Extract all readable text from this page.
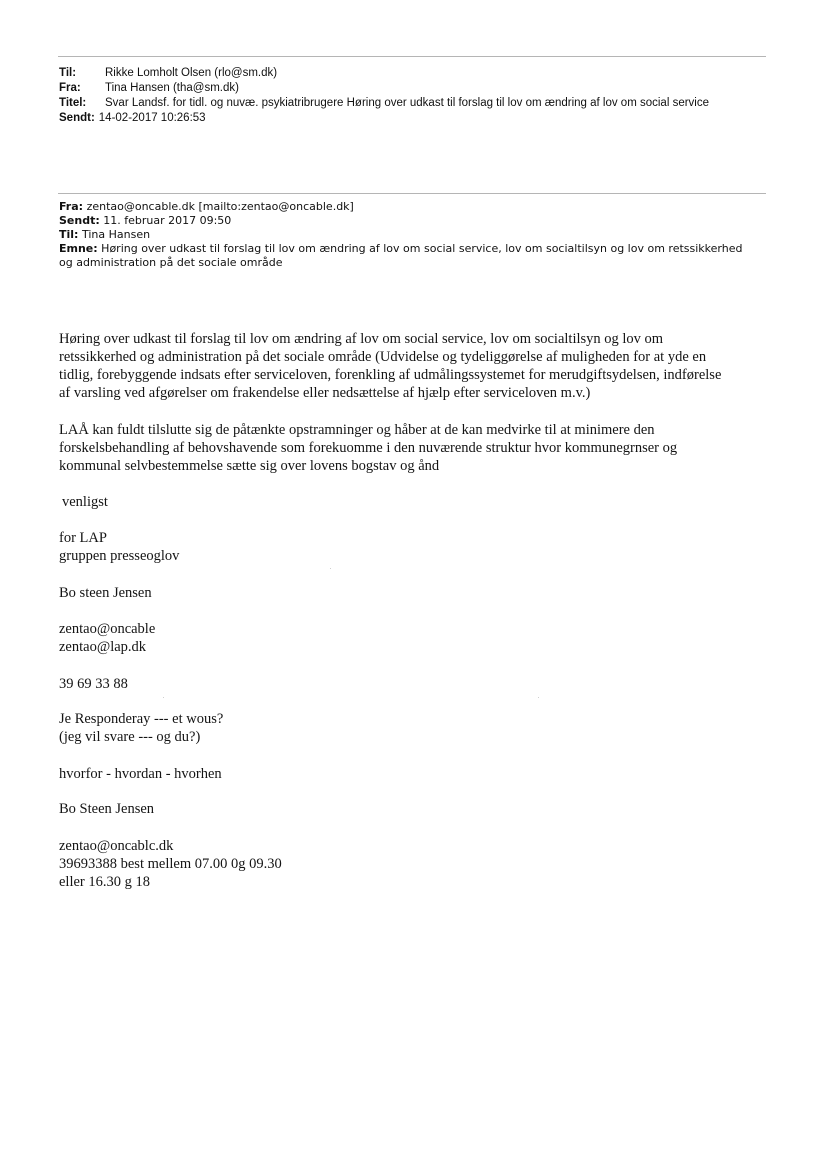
Til:	Rikke Lomholt Olsen (rlo@sm.dk)
Fra:	Tina Hansen (tha@sm.dk)
Titel:	Svar Landsf. for tidl. og nuvæ. psykiatribrugere Høring over udkast til forslag til lov om ændring af lov om social service
Sendt: 14-02-2017 10:26:53
Fra: zentao@oncable.dk [mailto:zentao@oncable.dk]
Sendt: 11. februar 2017 09:50
Til: Tina Hansen
Emne: Høring over udkast til forslag til lov om ændring af lov om social service, lov om socialtilsyn og lov om retssikkerhed
og administration på det sociale område
Høring over udkast til forslag til lov om ændring af lov om social service, lov om socialtilsyn og lov om
retssikkerhed og administration på det sociale område (Udvidelse og tydeliggørelse af muligheden for at yde en
tidlig, forebyggende indsats efter serviceloven, forenkling af udmålingssystemet for merudgiftsydelsen, indførelse
af varsling ved afgørelser om frakendelse eller nedsættelse af hjælp efter serviceloven m.v.)
LAÅ kan fuldt tilslutte sig de påtænkte opstramninger og håber at de kan medvirke til at minimere den
forskelsbehandling af behovshavende som forekuomme i den nuværende struktur hvor kommunegrnser og
kommunal selvbestemmelse sætte sig over lovens bogstav og ånd
venligst
for LAP
gruppen presseoglov
Bo steen Jensen
zentao@oncable
zentao@lap.dk
39 69 33 88
Je Responderay --- et wous?
(jeg vil svare --- og du?)
hvorfor - hvordan - hvorhen
Bo Steen Jensen
zentao@oncablc.dk
39693388 best mellem 07.00 0g 09.30
eller 16.30 g 18
